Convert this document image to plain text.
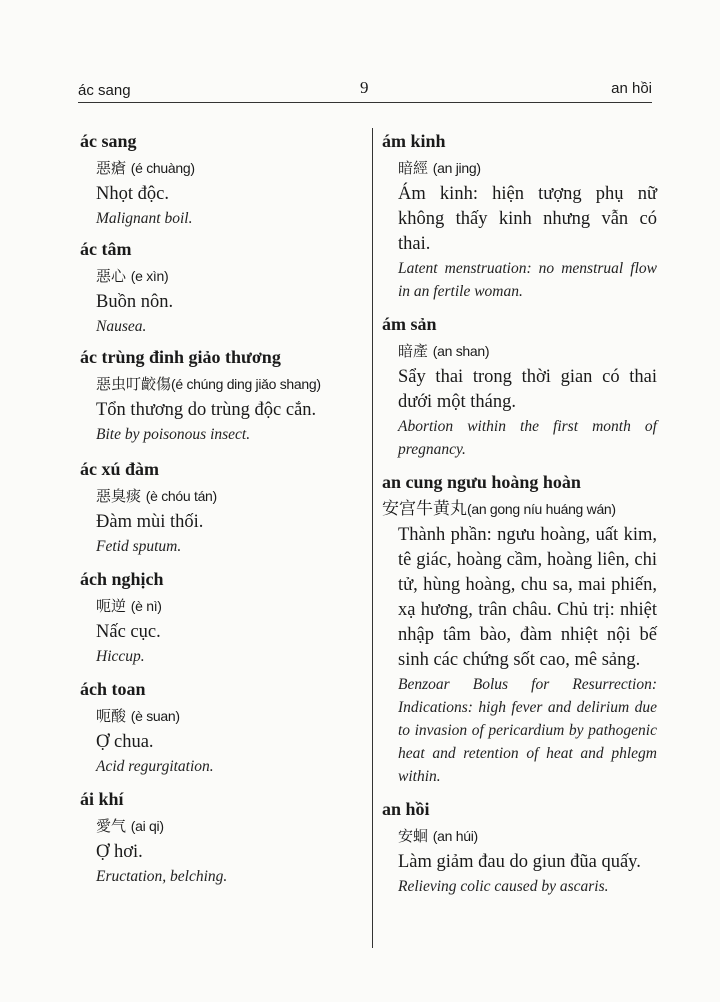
ác sang	9	an hồi
ác sang
惡瘡 (é chuàng)
Nhọt độc.
Malignant boil.
ác tâm
惡心 (e xìn)
Buồn nôn.
Nausea.
ác trùng đinh giảo thương
惡虫叮齩傷(é chúng ding jiǎo shang)
Tổn thương do trùng độc cắn.
Bite by poisonous insect.
ác xú đàm
惡臭痰 (è chóu tán)
Đàm mùi thối.
Fetid sputum.
ách nghịch
呃逆 (è nì)
Nấc cục.
Hiccup.
ách toan
呃酸 (è suan)
Ợ chua.
Acid regurgitation.
ái khí
愛气 (ai qi)
Ợ hơi.
Eructation, belching.
ám kinh
暗經 (an jing)
Ám kinh: hiện tượng phụ nữ không thấy kinh nhưng vẫn có thai.
Latent menstruation: no menstrual flow in an fertile woman.
ám sản
暗產 (an shan)
Sẩy thai trong thời gian có thai dưới một tháng.
Abortion within the first month of pregnancy.
an cung ngưu hoàng hoàn
安宫牛黄丸(an gong níu huáng wán)
Thành phần: ngưu hoàng, uất kim, tê giác, hoàng cầm, hoàng liên, chi tử, hùng hoàng, chu sa, mai phiến, xạ hương, trân châu. Chủ trị: nhiệt nhập tâm bào, đàm nhiệt nội bế sinh các chứng sốt cao, mê sảng.
Benzoar Bolus for Resurrection: Indications: high fever and delirium due to invasion of pericardium by pathogenic heat and retention of heat and phlegm within.
an hồi
安蛔 (an húi)
Làm giảm đau do giun đũa quấy.
Relieving colic caused by ascaris.
